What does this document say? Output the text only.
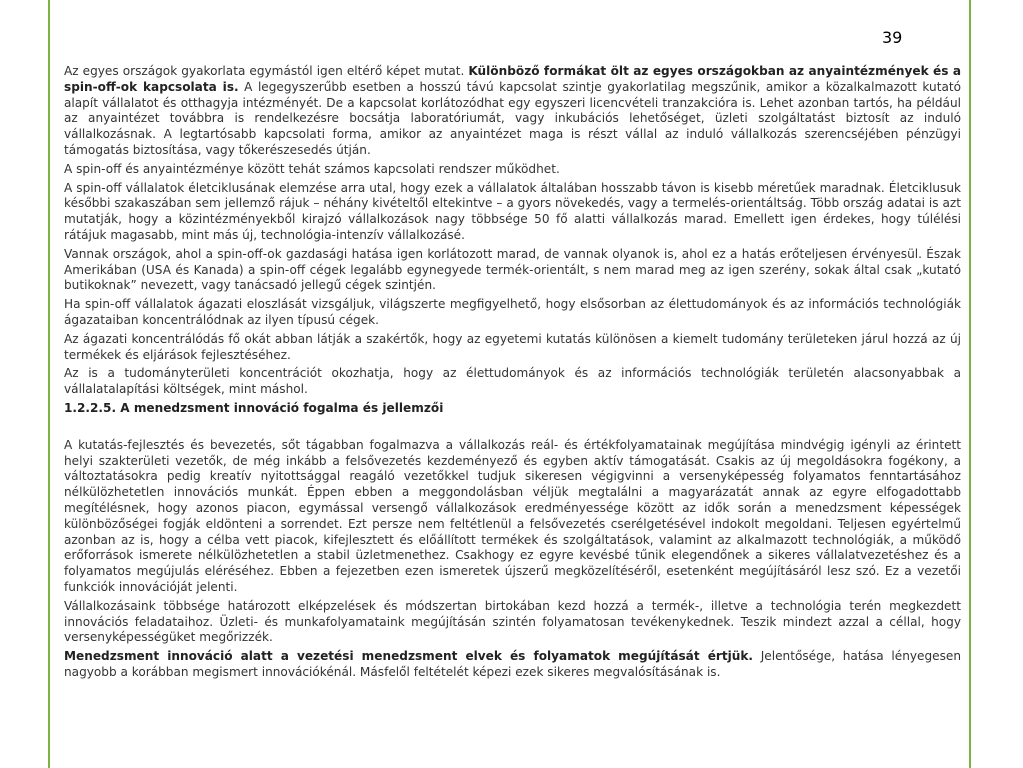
39

Az egyes országok gyakorlata egymástól igen eltérő képet mutat. Különböző formákat ölt az egyes országokban az anyaintézmények és a spin-off-ok kapcsolata is. A legegyszerűbb esetben a hosszú távú kapcsolat szintje gyakorlatilag megszűnik, amikor a közalkalmazott kutató alapít vállalatot és otthagyja intézményét. De a kapcsolat korlátozódhat egy egyszeri licencvételi tranzakcióra is. Lehet azonban tartós, ha például az anyaintézet továbbra is rendelkezésre bocsátja laboratóriumát, vagy inkubációs lehetőséget, üzleti szolgáltatást biztosít az induló vállalkozásnak. A legtartósabb kapcsolati forma, amikor az anyaintézet maga is részt vállal az induló vállalkozás szerencséjében pénzügyi támogatás biztosítása, vagy tőkerészesedés útján.

A spin-off és anyaintézménye között tehát számos kapcsolati rendszer működhet.

A spin-off vállalatok életciklusának elemzése arra utal, hogy ezek a vállalatok általában hosszabb távon is kisebb méretűek maradnak. Életciklusuk későbbi szakaszában sem jellemző rájuk – néhány kivételtől eltekintve – a gyors növekedés, vagy a termelés-orientáltság. Több ország adatai is azt mutatják, hogy a közintézményekből kirajzó vállalkozások nagy többsége 50 fő alatti vállalkozás marad. Emellett igen érdekes, hogy túlélési rátájuk magasabb, mint más új, technológia-intenzív vállalkozásé.

Vannak országok, ahol a spin-off-ok gazdasági hatása igen korlátozott marad, de vannak olyanok is, ahol ez a hatás erőteljesen érvényesül. Észak Amerikában (USA és Kanada) a spin-off cégek legalább egynegyede termék-orientált, s nem marad meg az igen szerény, sokak által csak „kutató butikoknak” nevezett, vagy tanácsadó jellegű cégek szintjén.

Ha spin-off vállalatok ágazati eloszlását vizsgáljuk, világszerte megfigyelhető, hogy elsősorban az élettudományok és az információs technológiák ágazataiban koncentrálódnak az ilyen típusú cégek.

Az ágazati koncentrálódás fő okát abban látják a szakértők, hogy az egyetemi kutatás különösen a kiemelt tudomány területeken járul hozzá az új termékek és eljárások fejlesztéséhez.

Az is a tudományterületi koncentrációt okozhatja, hogy az élettudományok és az információs technológiák területén alacsonyabbak a vállalatalapítási költségek, mint máshol.

1.2.2.5. A menedzsment innováció fogalma és jellemzői

A kutatás-fejlesztés és bevezetés, sőt tágabban fogalmazva a vállalkozás reál- és értékfolyamatainak megújítása mindvégig igényli az érintett helyi szakterületi vezetők, de még inkább a felsővezetés kezdeményező és egyben aktív támogatását. Csakis az új megoldásokra fogékony, a változtatásokra pedig kreatív nyitottsággal reagáló vezetőkkel tudjuk sikeresen végigvinni a versenyképesség folyamatos fenntartásához nélkülözhetetlen innovációs munkát. Éppen ebben a meggondolásban véljük megtalálni a magyarázatát annak az egyre elfogadottabb megítélésnek, hogy azonos piacon, egymással versengő vállalkozások eredményessége között az idők során a menedzsment képességek különbözőségei fogják eldönteni a sorrendet. Ezt persze nem feltétlenül a felsővezetés cserélgetésével indokolt megoldani. Teljesen egyértelmű azonban az is, hogy a célba vett piacok, kifejlesztett és előállított termékek és szolgáltatások, valamint az alkalmazott technológiák, a működő erőforrások ismerete nélkülözhetetlen a stabil üzletmenethez. Csakhogy ez egyre kevésbé tűnik elegendőnek a sikeres vállalatvezetéshez és a folyamatos megújulás eléréséhez. Ebben a fejezetben ezen ismeretek újszerű megközelítéséről, esetenként megújításáról lesz szó. Ez a vezetői funkciók innovációját jelenti.

Vállalkozásaink többsége határozott elképzelések és módszertan birtokában kezd hozzá a termék-, illetve a technológia terén megkezdett innovációs feladataihoz. Üzleti- és munkafolyamataink megújításán szintén folyamatosan tevékenykednek. Teszik mindezt azzal a céllal, hogy versenyképességüket megőrizzék.

Menedzsment innováció alatt a vezetési menedzsment elvek és folyamatok megújítását értjük. Jelentősége, hatása lényegesen nagyobb a korábban megismert innovációkénál. Másfelől feltételét képezi ezek sikeres megvalósításának is.
